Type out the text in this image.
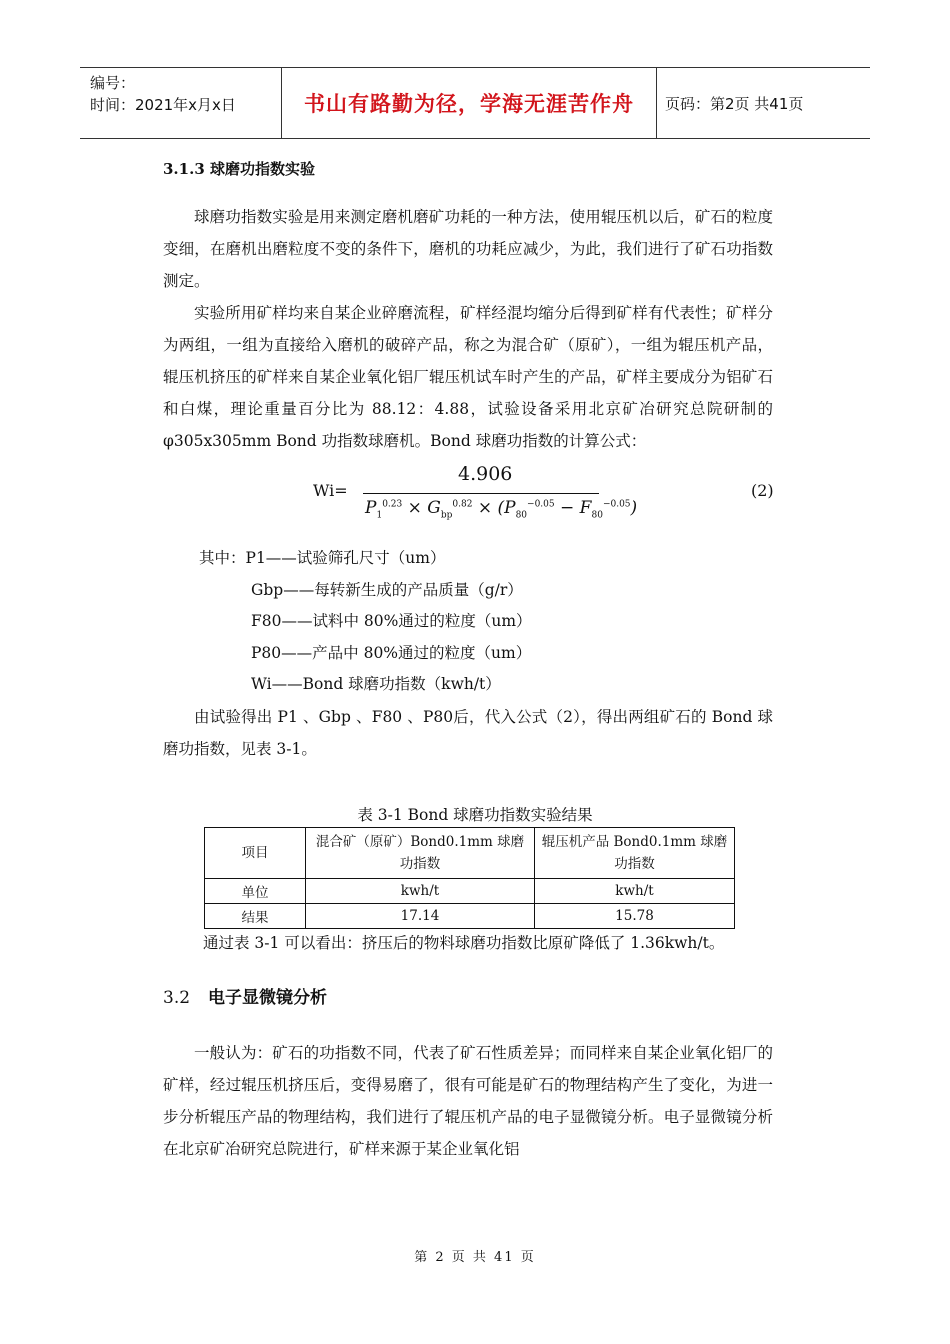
编号：
时间：2021年x月x日	书山有路勤为径，学海无涯苦作舟	页码：第2页 共41页
3.1.3 球磨功指数实验

球磨功指数实验是用来测定磨机磨矿功耗的一种方法，使用辊压机以后，矿石的粒度变细，在磨机出磨粒度不变的条件下，磨机的功耗应减少，为此，我们进行了矿石功指数测定。

实验所用矿样均来自某企业碎磨流程，矿样经混均缩分后得到矿样有代表性；矿样分为两组，一组为直接给入磨机的破碎产品，称之为混合矿（原矿），一组为辊压机产品，辊压机挤压的矿样来自某企业氧化铝厂辊压机试车时产生的产品，矿样主要成分为铝矿石和白煤，理论重量百分比为 88.12：4.88，试验设备采用北京矿冶研究总院研制的 φ305x305mm Bond 功指数球磨机。Bond 球磨功指数的计算公式：

Wi=
4.906
$P_1^{0.23} \times G_{bp}^{0.82} \times (P_{80}^{-0.05} - F_{80}^{-0.05})$
(2)
其中：P1——试验筛孔尺寸（um）
Gbp——每转新生成的产品质量（g/r）
F80——试料中 80%通过的粒度（um）
P80——产品中 80%通过的粒度（um）
Wi——Bond 球磨功指数（kwh/t）

由试验得出 P1 、Gbp 、F80 、P80后，代入公式（2），得出两组矿石的 Bond 球磨功指数，见表 3-1。

表 3-1 Bond 球磨功指数实验结果
项目	混合矿（原矿）Bond0.1mm 球磨功指数	辊压机产品 Bond0.1mm 球磨功指数
单位	kwh/t	kwh/t
结果	17.14	15.78
通过表 3-1 可以看出：挤压后的物料球磨功指数比原矿降低了 1.36kwh/t。
3.2 电子显微镜分析

一般认为：矿石的功指数不同，代表了矿石性质差异；而同样来自某企业氧化铝厂的矿样，经过辊压机挤压后，变得易磨了，很有可能是矿石的物理结构产生了变化，为进一步分析辊压产品的物理结构，我们进行了辊压机产品的电子显微镜分析。电子显微镜分析在北京矿冶研究总院进行，矿样来源于某企业氧化铝

第 2 页 共 41 页
